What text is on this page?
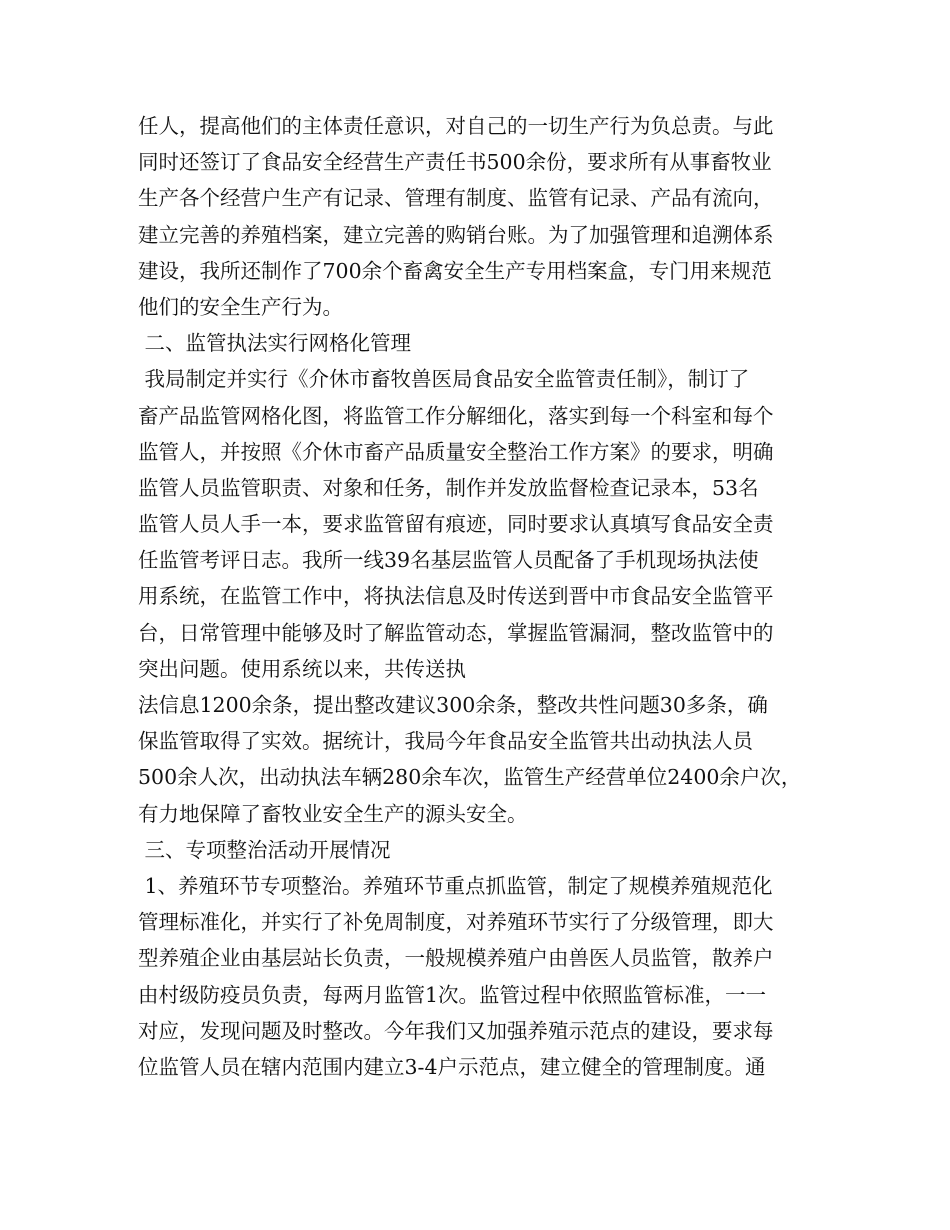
任人，提高他们的主体责任意识，对自己的一切生产行为负总责。与此
同时还签订了食品安全经营生产责任书500余份，要求所有从事畜牧业
生产各个经营户生产有记录、管理有制度、监管有记录、产品有流向，
建立完善的养殖档案，建立完善的购销台账。为了加强管理和追溯体系
建设，我所还制作了700余个畜禽安全生产专用档案盒，专门用来规范
他们的安全生产行为。
二、监管执法实行网格化管理
我局制定并实行《介休市畜牧兽医局食品安全监管责任制》，制订了
畜产品监管网格化图，将监管工作分解细化，落实到每一个科室和每个
监管人，并按照《介休市畜产品质量安全整治工作方案》的要求，明确
监管人员监管职责、对象和任务，制作并发放监督检查记录本，53名
监管人员人手一本，要求监管留有痕迹，同时要求认真填写食品安全责
任监管考评日志。我所一线39名基层监管人员配备了手机现场执法使
用系统，在监管工作中，将执法信息及时传送到晋中市食品安全监管平
台，日常管理中能够及时了解监管动态，掌握监管漏洞，整改监管中的
突出问题。使用系统以来，共传送执
法信息1200余条，提出整改建议300余条，整改共性问题30多条，确
保监管取得了实效。据统计，我局今年食品安全监管共出动执法人员
500余人次，出动执法车辆280余车次，监管生产经营单位2400余户次，
有力地保障了畜牧业安全生产的源头安全。
三、专项整治活动开展情况
1、养殖环节专项整治。养殖环节重点抓监管，制定了规模养殖规范化
管理标准化，并实行了补免周制度，对养殖环节实行了分级管理，即大
型养殖企业由基层站长负责，一般规模养殖户由兽医人员监管，散养户
由村级防疫员负责，每两月监管1次。监管过程中依照监管标准，一一
对应，发现问题及时整改。今年我们又加强养殖示范点的建设，要求每
位监管人员在辖内范围内建立3-4户示范点，建立健全的管理制度。通
